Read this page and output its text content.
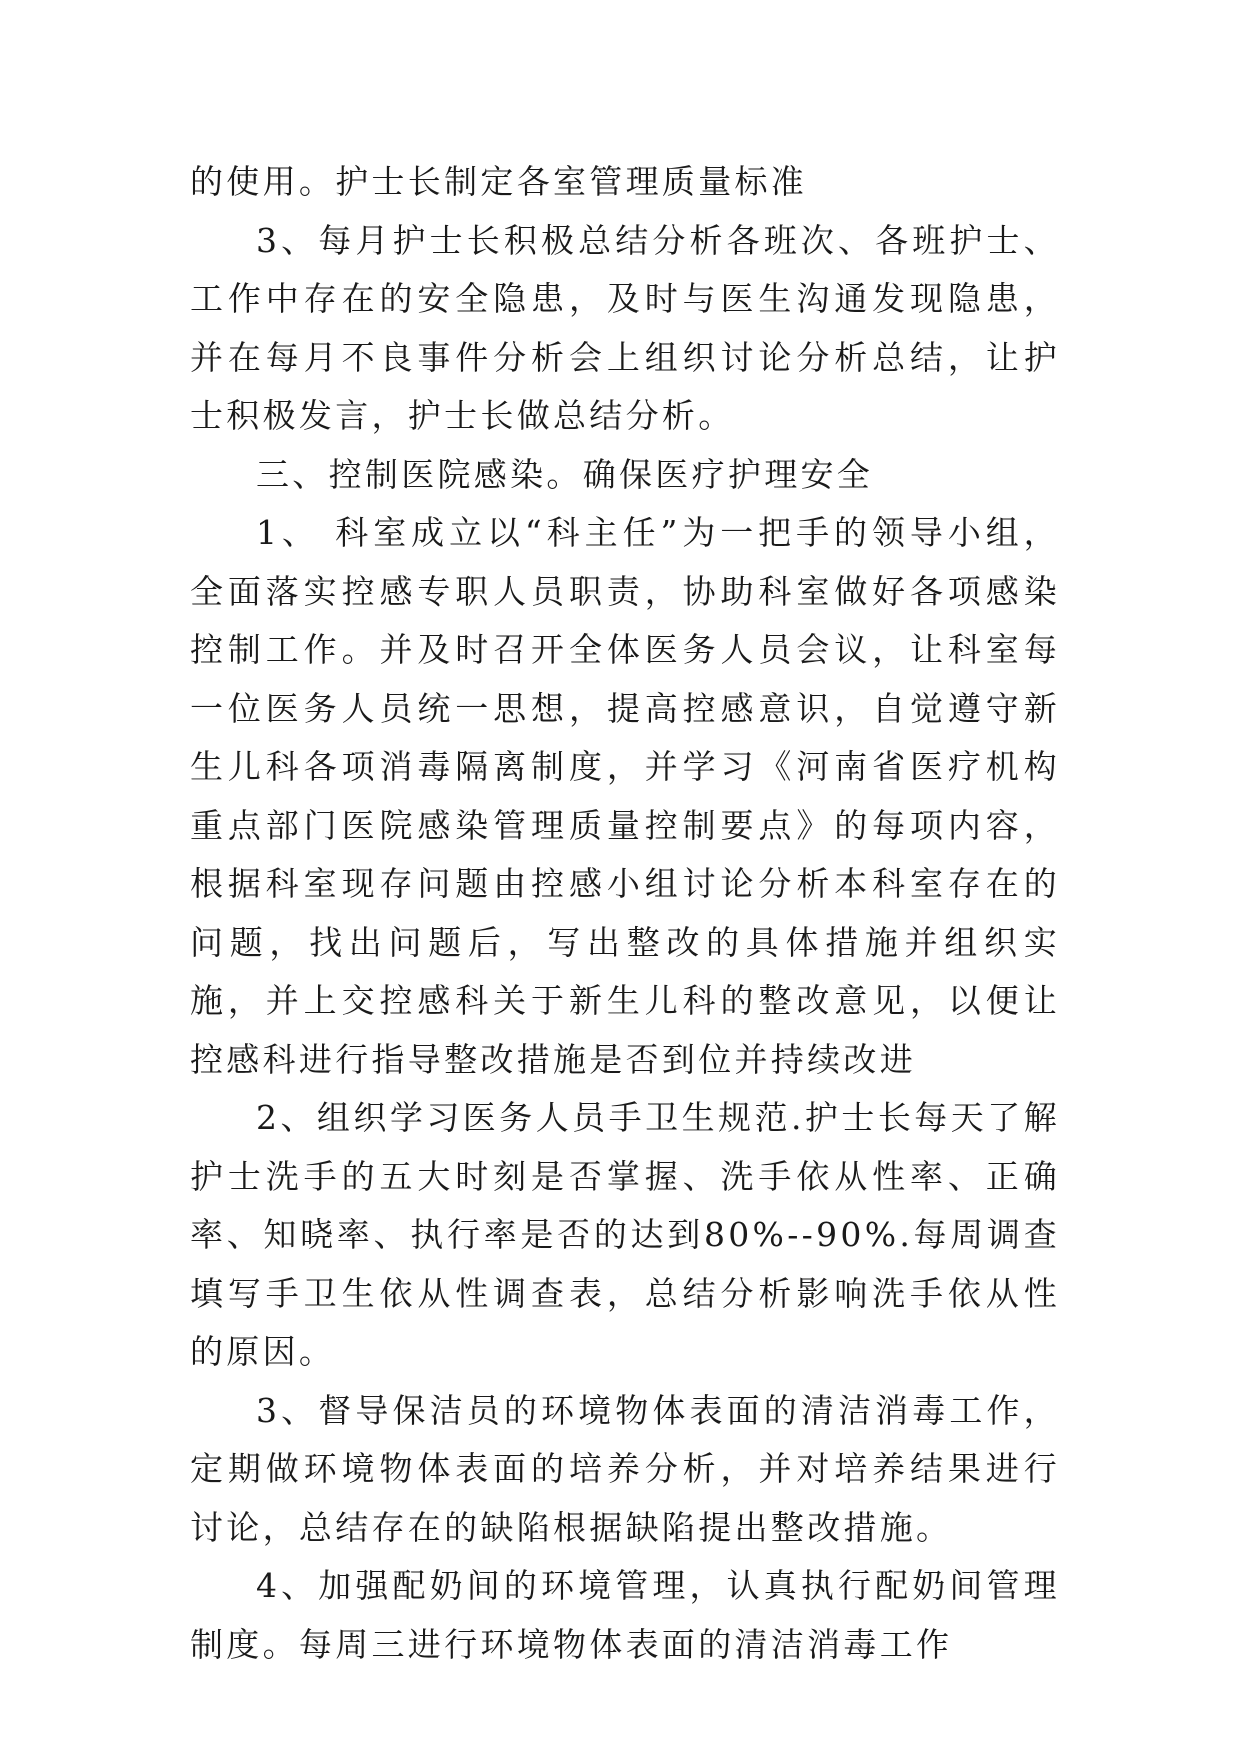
的使用。护士长制定各室管理质量标准

3、每月护士长积极总结分析各班次、各班护士、工作中存在的安全隐患，及时与医生沟通发现隐患，并在每月不良事件分析会上组织讨论分析总结，让护士积极发言，护士长做总结分析。

三、控制医院感染。确保医疗护理安全

1、 科室成立以“科主任”为一把手的领导小组，全面落实控感专职人员职责，协助科室做好各项感染控制工作。并及时召开全体医务人员会议，让科室每一位医务人员统一思想，提高控感意识，自觉遵守新生儿科各项消毒隔离制度，并学习《河南省医疗机构重点部门医院感染管理质量控制要点》的每项内容，根据科室现存问题由控感小组讨论分析本科室存在的问题，找出问题后，写出整改的具体措施并组织实施，并上交控感科关于新生儿科的整改意见，以便让控感科进行指导整改措施是否到位并持续改进

2、组织学习医务人员手卫生规范.护士长每天了解护士洗手的五大时刻是否掌握、洗手依从性率、正确率、知晓率、执行率是否的达到80%--90%.每周调查填写手卫生依从性调查表，总结分析影响洗手依从性的原因。

3、督导保洁员的环境物体表面的清洁消毒工作，定期做环境物体表面的培养分析，并对培养结果进行讨论，总结存在的缺陷根据缺陷提出整改措施。

4、加强配奶间的环境管理，认真执行配奶间管理制度。每周三进行环境物体表面的清洁消毒工作
